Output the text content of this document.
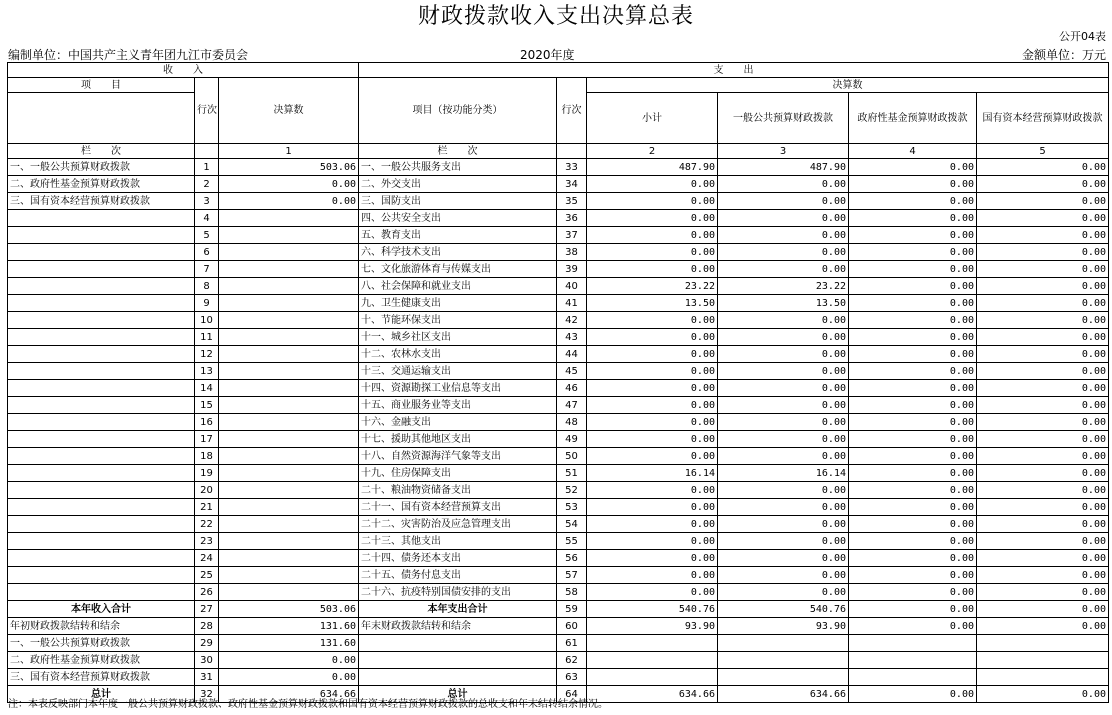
财政拨款收入支出决算总表
公开04表
编制单位：中国共产主义青年团九江市委员会	2020年度	金额单位：万元
收　　入			支　　出					
项　　目	行次	决算数	项目（按功能分类）	行次	决算数			
					小计	一般公共预算财政拨款	政府性基金预算财政拨款	国有资本经营预算财政拨款
栏　　次		1	栏　　次		2	3	4	5
一、一般公共预算财政拨款	1	503.06	一、一般公共服务支出	33	487.90	487.90	0.00	0.00
二、政府性基金预算财政拨款	2	0.00	二、外交支出	34	0.00	0.00	0.00	0.00
三、国有资本经营预算财政拨款	3	0.00	三、国防支出	35	0.00	0.00	0.00	0.00
	4		四、公共安全支出	36	0.00	0.00	0.00	0.00
	5		五、教育支出	37	0.00	0.00	0.00	0.00
	6		六、科学技术支出	38	0.00	0.00	0.00	0.00
	7		七、文化旅游体育与传媒支出	39	0.00	0.00	0.00	0.00
	8		八、社会保障和就业支出	40	23.22	23.22	0.00	0.00
	9		九、卫生健康支出	41	13.50	13.50	0.00	0.00
	10		十、节能环保支出	42	0.00	0.00	0.00	0.00
	11		十一、城乡社区支出	43	0.00	0.00	0.00	0.00
	12		十二、农林水支出	44	0.00	0.00	0.00	0.00
	13		十三、交通运输支出	45	0.00	0.00	0.00	0.00
	14		十四、资源勘探工业信息等支出	46	0.00	0.00	0.00	0.00
	15		十五、商业服务业等支出	47	0.00	0.00	0.00	0.00
	16		十六、金融支出	48	0.00	0.00	0.00	0.00
	17		十七、援助其他地区支出	49	0.00	0.00	0.00	0.00
	18		十八、自然资源海洋气象等支出	50	0.00	0.00	0.00	0.00
	19		十九、住房保障支出	51	16.14	16.14	0.00	0.00
	20		二十、粮油物资储备支出	52	0.00	0.00	0.00	0.00
	21		二十一、国有资本经营预算支出	53	0.00	0.00	0.00	0.00
	22		二十二、灾害防治及应急管理支出	54	0.00	0.00	0.00	0.00
	23		二十三、其他支出	55	0.00	0.00	0.00	0.00
	24		二十四、债务还本支出	56	0.00	0.00	0.00	0.00
	25		二十五、债务付息支出	57	0.00	0.00	0.00	0.00
	26		二十六、抗疫特别国债安排的支出	58	0.00	0.00	0.00	0.00
本年收入合计	27	503.06	本年支出合计	59	540.76	540.76	0.00	0.00
年初财政拨款结转和结余	28	131.60	年末财政拨款结转和结余	60	93.90	93.90	0.00	0.00
一、一般公共预算财政拨款	29	131.60		61				
二、政府性基金预算财政拨款	30	0.00		62				
三、国有资本经营预算财政拨款	31	0.00		63				
总计	32	634.66	总计	64	634.66	634.66	0.00	0.00
注：本表反映部门本年度一般公共预算财政拨款、政府性基金预算财政拨款和国有资本经营预算财政拨款的总收支和年末结转结余情况。
